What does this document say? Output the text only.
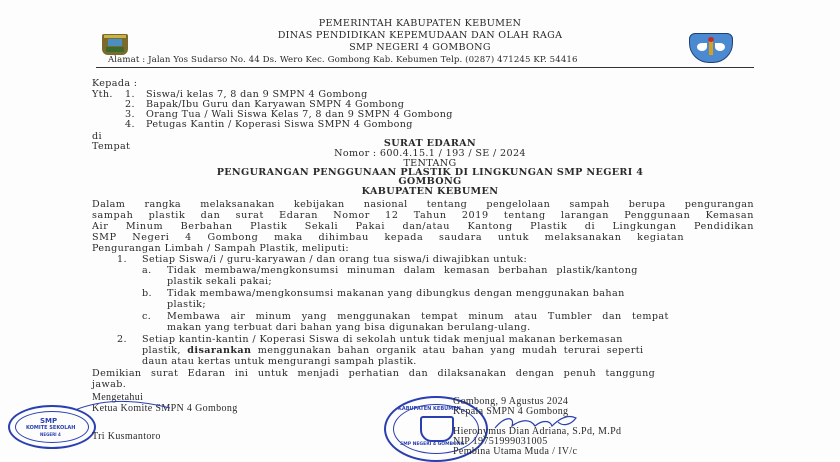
PEMERINTAH KABUPATEN KEBUMEN
DINAS PENDIDIKAN KEPEMUDAAN DAN OLAH RAGA
SMP NEGERI 4 GOMBONG
Alamat : Jalan Yos Sudarso No. 44 Ds. Wero Kec. Gombong Kab. Kebumen Telp. (0287) 471245 KP. 54416
Kepada :
Yth. 1. Siswa/i kelas 7, 8 dan 9 SMPN 4 Gombong
2. Bapak/Ibu Guru dan Karyawan SMPN 4 Gombong
3. Orang Tua / Wali Siswa Kelas 7, 8 dan 9 SMPN 4 Gombong
4. Petugas Kantin / Koperasi Siswa SMPN 4 Gombong
di
Tempat	SURAT EDARAN
Nomor : 600.4.15.1 / 193 / SE / 2024
TENTANG
PENGURANGAN PENGGUNAAN PLASTIK DI LINGKUNGAN SMP NEGERI 4
GOMBONG
KABUPATEN KEBUMEN
Dalam rangka melaksanakan kebijakan nasional tentang pengelolaan sampah berupa pengurangan
sampah plastik dan surat Edaran Nomor 12 Tahun 2019 tentang larangan Penggunaan Kemasan
Air Minum Berbahan Plastik Sekali Pakai dan/atau Kantong Plastik di Lingkungan Pendidikan
SMP Negeri 4 Gombong maka dihimbau kepada saudara untuk melaksanakan kegiatan
Pengurangan Limbah / Sampah Plastik, meliputi:
1. Setiap Siswa/i / guru-karyawan / dan orang tua siswa/i diwajibkan untuk:
a. Tidak membawa/mengkonsumsi minuman dalam kemasan berbahan plastik/kantong
plastik sekali pakai;
b. Tidak membawa/mengkonsumsi makanan yang dibungkus dengan menggunakan bahan
plastik;
c. Membawa air minum yang menggunakan tempat minum atau Tumbler dan tempat
makan yang terbuat dari bahan yang bisa digunakan berulang-ulang.
2. Setiap kantin-kantin / Koperasi Siswa di sekolah untuk tidak menjual makanan berkemasan
plastik, disarankan menggunakan bahan organik atau bahan yang mudah terurai seperti
daun atau kertas untuk mengurangi sampah plastik.
Demikian surat Edaran ini untuk menjadi perhatian dan dilaksanakan dengan penuh tanggung
jawab.
SMP
KOMITE SEKOLAH
NEGERI 4
Mengetahui
Ketua Komite SMPN 4 Gombong
Tri Kusmantoro
KABUPATEN KEBUMEN
SMP NEGERI 4 GOMBONG
Gombong, 9 Agustus 2024
Kepala SMPN 4 Gombong
Hieronymus Dian Adriana, S.Pd, M.Pd
NIP 19751999031005
Pembina Utama Muda / IV/c
